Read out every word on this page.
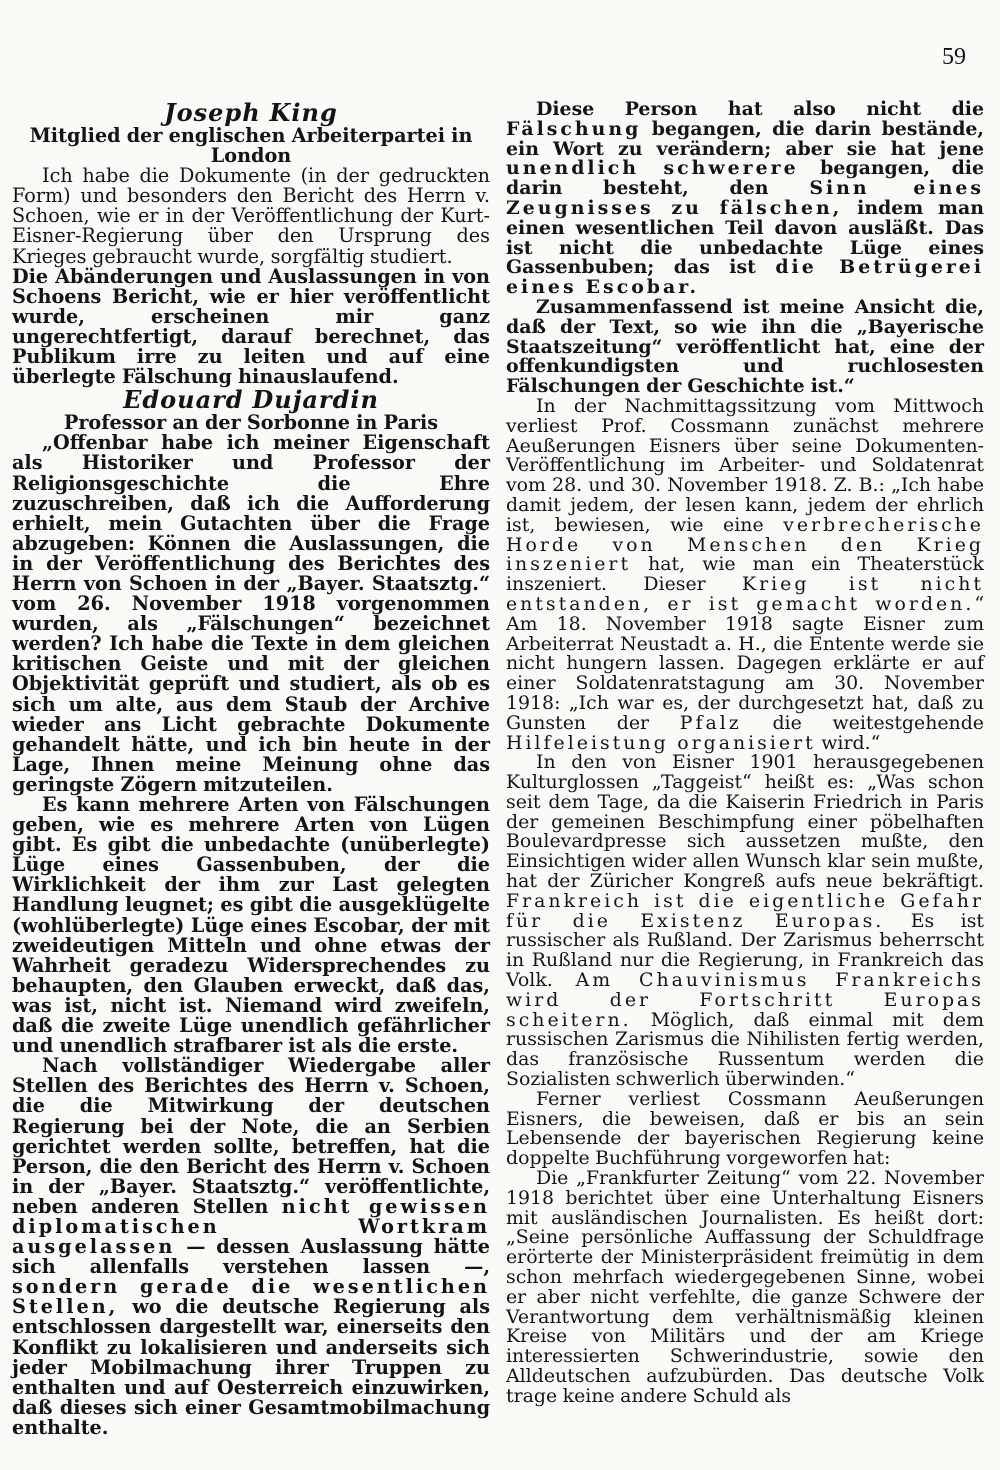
59
Joseph King
Mitglied der englischen Arbeiterpartei in London

Ich habe die Dokumente (in der gedruckten Form) und besonders den Bericht des Herrn v. Schoen, wie er in der Veröffentlichung der Kurt-Eisner-Regierung über den Ursprung des Krieges gebraucht wurde, sorgfältig studiert.

Die Abänderungen und Auslassungen in von Schoens Bericht, wie er hier veröffentlicht wurde, erscheinen mir ganz ungerechtfertigt, darauf berechnet, das Publikum irre zu leiten und auf eine überlegte Fälschung hinauslaufend.

Edouard Dujardin
Professor an der Sorbonne in Paris

„Offenbar habe ich meiner Eigenschaft als Historiker und Professor der Religionsgeschichte die Ehre zuzuschreiben, daß ich die Aufforderung erhielt, mein Gutachten über die Frage abzugeben: Können die Auslassungen, die in der Veröffentlichung des Berichtes des Herrn von Schoen in der „Bayer. Staatsztg.“ vom 26. November 1918 vorgenommen wurden, als „Fälschungen“ bezeichnet werden? Ich habe die Texte in dem gleichen kritischen Geiste und mit der gleichen Objektivität geprüft und studiert, als ob es sich um alte, aus dem Staub der Archive wieder ans Licht gebrachte Dokumente gehandelt hätte, und ich bin heute in der Lage, Ihnen meine Meinung ohne das geringste Zögern mitzuteilen.

Es kann mehrere Arten von Fälschungen geben, wie es mehrere Arten von Lügen gibt. Es gibt die unbedachte (unüberlegte) Lüge eines Gassenbuben, der die Wirklichkeit der ihm zur Last gelegten Handlung leugnet; es gibt die ausgeklügelte (wohlüberlegte) Lüge eines Escobar, der mit zweideutigen Mitteln und ohne etwas der Wahrheit geradezu Widersprechendes zu behaupten, den Glauben erweckt, daß das, was ist, nicht ist. Niemand wird zweifeln, daß die zweite Lüge unendlich gefährlicher und unendlich strafbarer ist als die erste.

Nach vollständiger Wiedergabe aller Stellen des Berichtes des Herrn v. Schoen, die die Mitwirkung der deutschen Regierung bei der Note, die an Serbien gerichtet werden sollte, betreffen, hat die Person, die den Bericht des Herrn v. Schoen in der „Bayer. Staatsztg.“ veröffentlichte, neben anderen Stellen nicht gewissen diplomatischen Wortkram ausgelassen — dessen Auslassung hätte sich allenfalls verstehen lassen —, sondern gerade die wesentlichen Stellen, wo die deutsche Regierung als entschlossen dargestellt war, einerseits den Konflikt zu lokalisieren und anderseits sich jeder Mobilmachung ihrer Truppen zu enthalten und auf Oesterreich einzuwirken, daß dieses sich einer Gesamtmobilmachung enthalte.

Diese Person hat also nicht die Fälschung begangen, die darin bestände, ein Wort zu verändern; aber sie hat jene unendlich schwerere begangen, die darin besteht, den Sinn eines Zeugnisses zu fälschen, indem man einen wesentlichen Teil davon ausläßt. Das ist nicht die unbedachte Lüge eines Gassenbuben; das ist die Betrügerei eines Escobar.

Zusammenfassend ist meine Ansicht die, daß der Text, so wie ihn die „Bayerische Staatszeitung“ veröffentlicht hat, eine der offenkundigsten und ruchlosesten Fälschungen der Geschichte ist.“

In der Nachmittagssitzung vom Mittwoch verliest Prof. Cossmann zunächst mehrere Aeußerungen Eisners über seine Dokumenten-Veröffentlichung im Arbeiter- und Soldatenrat vom 28. und 30. November 1918. Z. B.: „Ich habe damit jedem, der lesen kann, jedem der ehrlich ist, bewiesen, wie eine verbrecherische Horde von Menschen den Krieg inszeniert hat, wie man ein Theaterstück inszeniert. Dieser Krieg ist nicht entstanden, er ist gemacht worden.“ Am 18. November 1918 sagte Eisner zum Arbeiterrat Neustadt a. H., die Entente werde sie nicht hungern lassen. Dagegen erklärte er auf einer Soldatenratstagung am 30. November 1918: „Ich war es, der durchgesetzt hat, daß zu Gunsten der Pfalz die weitestgehende Hilfeleistung organisiert wird.“

In den von Eisner 1901 herausgegebenen Kulturglossen „Taggeist“ heißt es: „Was schon seit dem Tage, da die Kaiserin Friedrich in Paris der gemeinen Beschimpfung einer pöbelhaften Boulevardpresse sich aussetzen mußte, den Einsichtigen wider allen Wunsch klar sein mußte, hat der Züricher Kongreß aufs neue bekräftigt. Frankreich ist die eigentliche Gefahr für die Existenz Europas. Es ist russischer als Rußland. Der Zarismus beherrscht in Rußland nur die Regierung, in Frankreich das Volk. Am Chauvinismus Frankreichs wird der Fortschritt Europas scheitern. Möglich, daß einmal mit dem russischen Zarismus die Nihilisten fertig werden, das französische Russentum werden die Sozialisten schwerlich überwinden.“

Ferner verliest Cossmann Aeußerungen Eisners, die beweisen, daß er bis an sein Lebensende der bayerischen Regierung keine doppelte Buchführung vorgeworfen hat:

Die „Frankfurter Zeitung“ vom 22. November 1918 berichtet über eine Unterhaltung Eisners mit ausländischen Journalisten. Es heißt dort: „Seine persönliche Auffassung der Schuldfrage erörterte der Ministerpräsident freimütig in dem schon mehrfach wiedergegebenen Sinne, wobei er aber nicht verfehlte, die ganze Schwere der Verantwortung dem verhältnismäßig kleinen Kreise von Militärs und der am Kriege interessierten Schwerindustrie, sowie den Alldeutschen aufzubürden. Das deutsche Volk trage keine andere Schuld als
